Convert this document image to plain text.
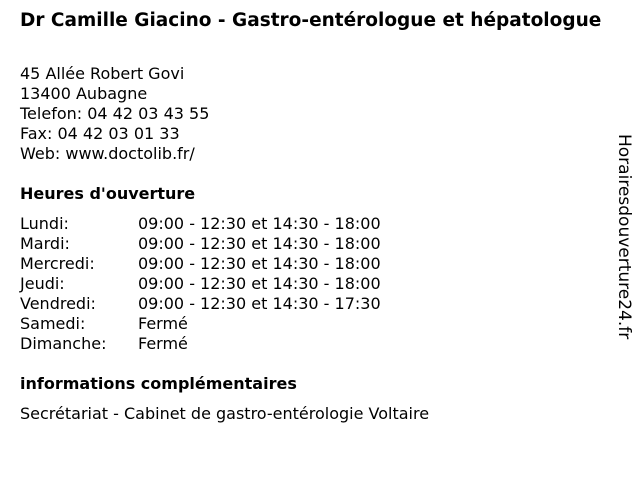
Dr Camille Giacino - Gastro-entérologue et hépatologue
45 Allée Robert Govi
13400 Aubagne
Telefon: 04 42 03 43 55
Fax: 04 42 03 01 33
Web: www.doctolib.fr/
Heures d'ouverture
Lundi:	09:00 - 12:30 et 14:30 - 18:00
Mardi:	09:00 - 12:30 et 14:30 - 18:00
Mercredi:	09:00 - 12:30 et 14:30 - 18:00
Jeudi:	09:00 - 12:30 et 14:30 - 18:00
Vendredi:	09:00 - 12:30 et 14:30 - 17:30
Samedi:	Fermé
Dimanche:	Fermé
informations complémentaires
Secrétariat - Cabinet de gastro-entérologie Voltaire
Horairesdouverture24.fr
